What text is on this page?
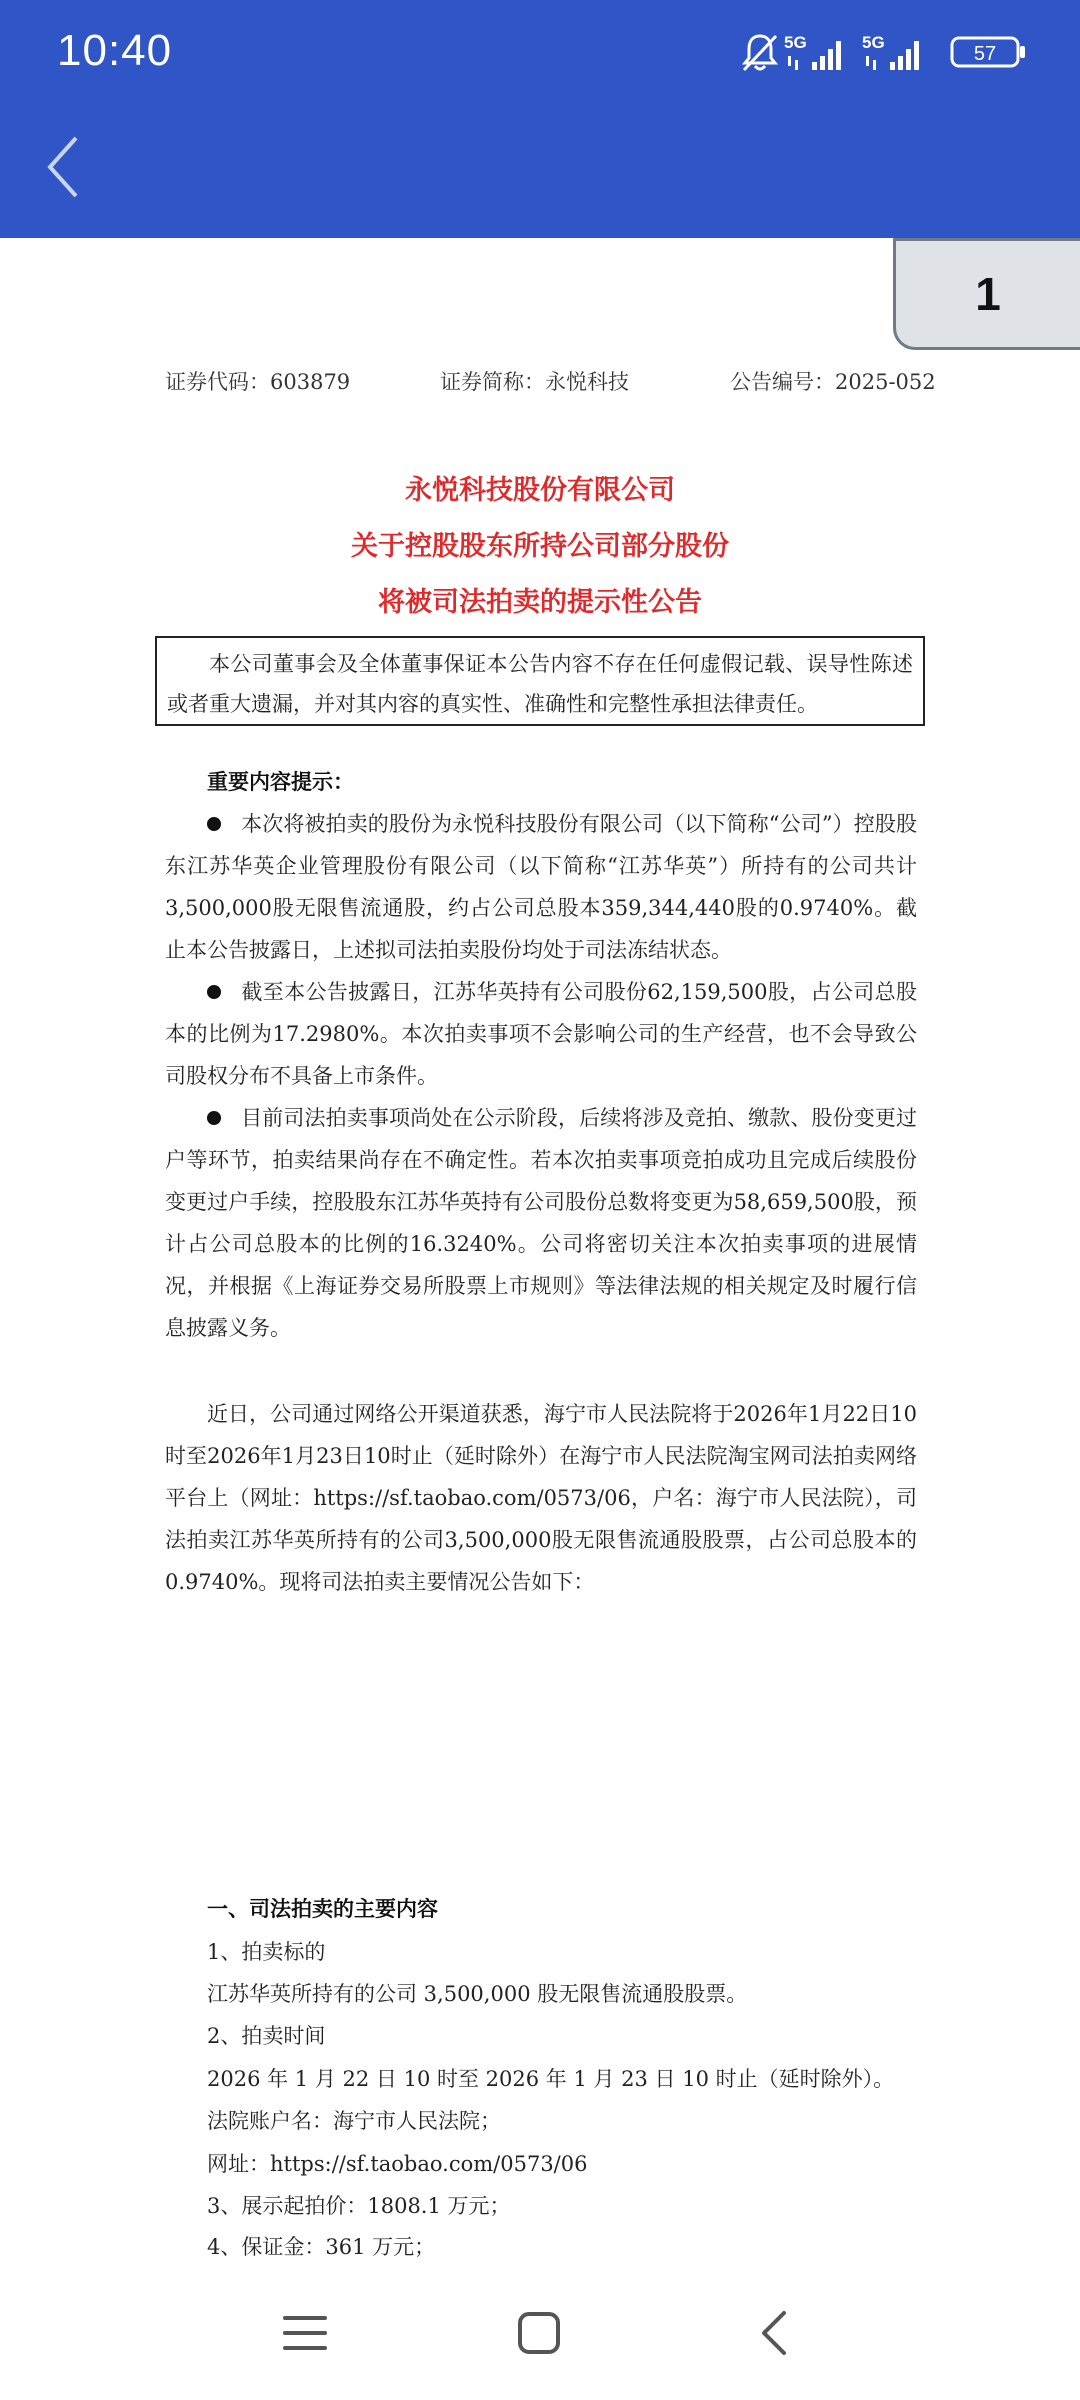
10:40	5G	5G
57
1
证券代码：603879	证券简称：永悦科技	公告编号：2025-052
永悦科技股份有限公司
关于控股股东所持公司部分股份
将被司法拍卖的提示性公告
本公司董事会及全体董事保证本公告内容不存在任何虚假记载、误导性陈述或者重大遗漏，并对其内容的真实性、准确性和完整性承担法律责任。
重要内容提示：
本次将被拍卖的股份为永悦科技股份有限公司（以下简称“公司”）控股股东江苏华英企业管理股份有限公司（以下简称“江苏华英”）所持有的公司共计3,500,000股无限售流通股，约占公司总股本359,344,440股的0.9740%。截止本公告披露日，上述拟司法拍卖股份均处于司法冻结状态。
截至本公告披露日，江苏华英持有公司股份62,159,500股，占公司总股本的比例为17.2980%。本次拍卖事项不会影响公司的生产经营，也不会导致公司股权分布不具备上市条件。
目前司法拍卖事项尚处在公示阶段，后续将涉及竞拍、缴款、股份变更过户等环节，拍卖结果尚存在不确定性。若本次拍卖事项竞拍成功且完成后续股份变更过户手续，控股股东江苏华英持有公司股份总数将变更为58,659,500股，预计占公司总股本的比例的16.3240%。公司将密切关注本次拍卖事项的进展情况，并根据《上海证券交易所股票上市规则》等法律法规的相关规定及时履行信息披露义务。
近日，公司通过网络公开渠道获悉，海宁市人民法院将于2026年1月22日10时至2026年1月23日10时止（延时除外）在海宁市人民法院淘宝网司法拍卖网络平台上（网址：https://sf.taobao.com/0573/06，户名：海宁市人民法院），司法拍卖江苏华英所持有的公司3,500,000股无限售流通股股票，占公司总股本的0.9740%。现将司法拍卖主要情况公告如下：
一、司法拍卖的主要内容
1、拍卖标的
江苏华英所持有的公司 3,500,000 股无限售流通股股票。
2、拍卖时间
2026 年 1 月 22 日 10 时至 2026 年 1 月 23 日 10 时止（延时除外）。
法院账户名：海宁市人民法院；
网址：https://sf.taobao.com/0573/06
3、展示起拍价：1808.1 万元；
4、保证金：361 万元；
